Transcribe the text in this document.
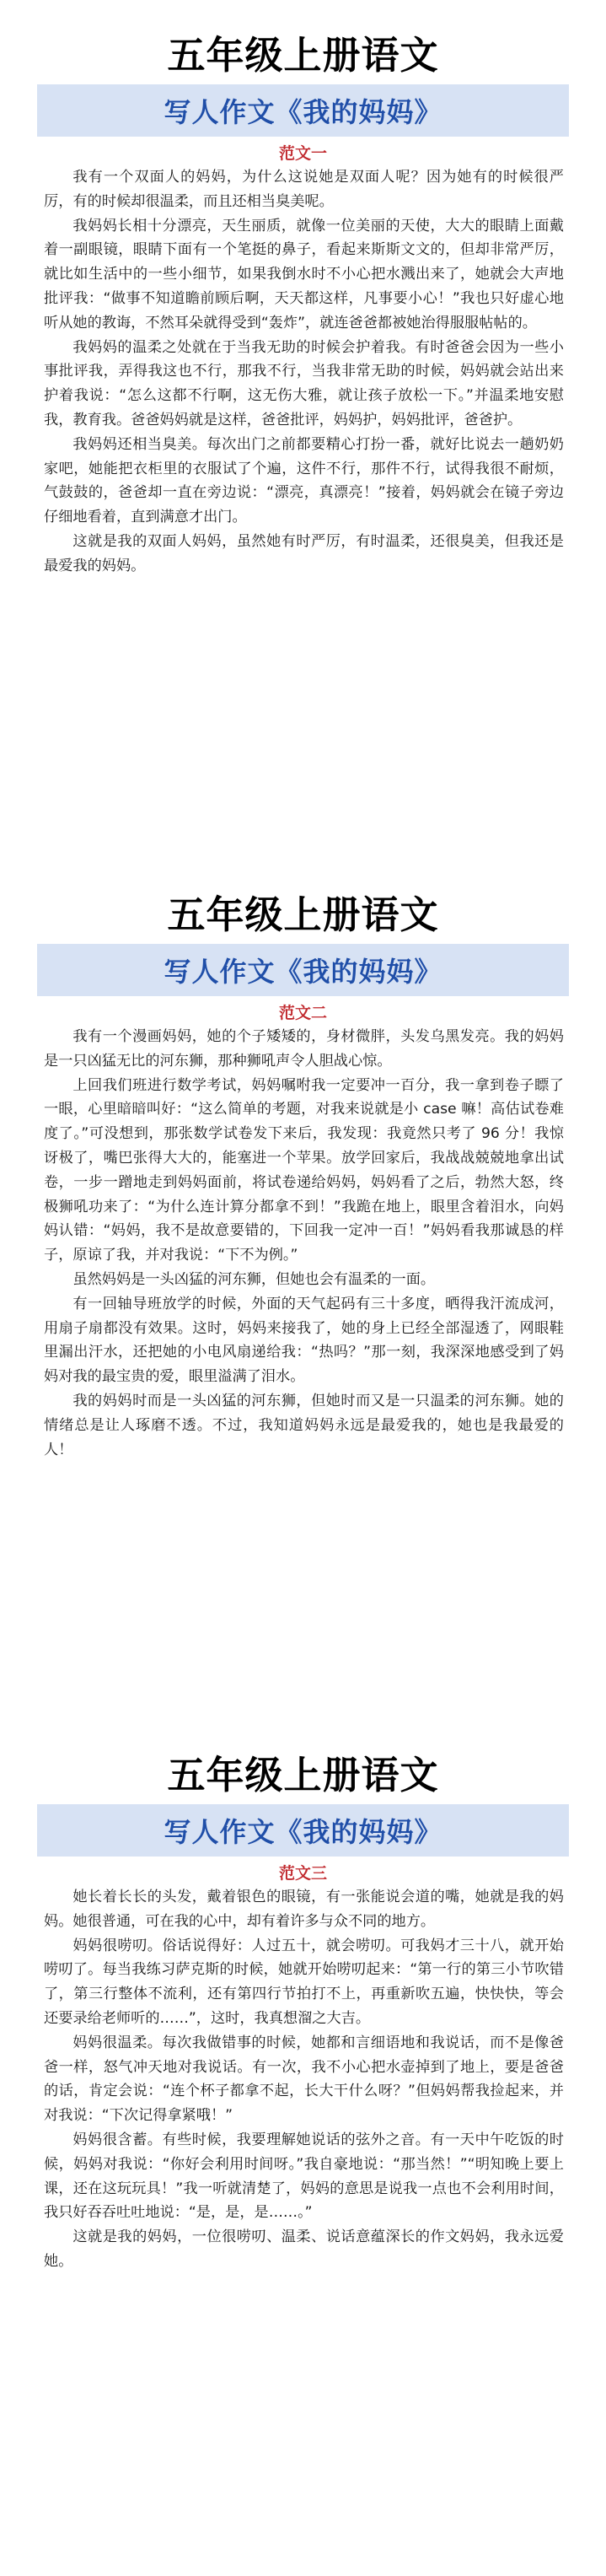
五年级上册语文
写人作文《我的妈妈》
范文一

我有一个双面人的妈妈，为什么这说她是双面人呢？因为她有的时候很严厉，有的时候却很温柔，而且还相当臭美呢。

我妈妈长相十分漂亮，天生丽质，就像一位美丽的天使，大大的眼睛上面戴着一副眼镜，眼睛下面有一个笔挺的鼻子，看起来斯斯文文的，但却非常严厉，就比如生活中的一些小细节，如果我倒水时不小心把水溅出来了，她就会大声地批评我：“做事不知道瞻前顾后啊，天天都这样，凡事要小心！”我也只好虚心地听从她的教诲，不然耳朵就得受到“轰炸”，就连爸爸都被她治得服服帖帖的。

我妈妈的温柔之处就在于当我无助的时候会护着我。有时爸爸会因为一些小事批评我，弄得我这也不行，那我不行，当我非常无助的时候，妈妈就会站出来护着我说：“怎么这都不行啊，这无伤大雅，就让孩子放松一下。”并温柔地安慰我，教育我。爸爸妈妈就是这样，爸爸批评，妈妈护，妈妈批评，爸爸护。

我妈妈还相当臭美。每次出门之前都要精心打扮一番，就好比说去一趟奶奶家吧，她能把衣柜里的衣服试了个遍，这件不行，那件不行，试得我很不耐烦，气鼓鼓的，爸爸却一直在旁边说：“漂亮，真漂亮！”接着，妈妈就会在镜子旁边仔细地看着，直到满意才出门。

这就是我的双面人妈妈，虽然她有时严厉，有时温柔，还很臭美，但我还是最爱我的妈妈。

五年级上册语文
写人作文《我的妈妈》
范文二

我有一个漫画妈妈，她的个子矮矮的，身材微胖，头发乌黑发亮。我的妈妈是一只凶猛无比的河东狮，那种狮吼声令人胆战心惊。

上回我们班进行数学考试，妈妈嘱咐我一定要冲一百分，我一拿到卷子瞟了一眼，心里暗暗叫好：“这么简单的考题，对我来说就是小 case 嘛！高估试卷难度了。”可没想到，那张数学试卷发下来后，我发现：我竟然只考了 96 分！我惊讶极了，嘴巴张得大大的，能塞进一个苹果。放学回家后，我战战兢兢地拿出试卷，一步一蹭地走到妈妈面前，将试卷递给妈妈，妈妈看了之后，勃然大怒，终极狮吼功来了：“为什么连计算分都拿不到！”我跪在地上，眼里含着泪水，向妈妈认错：“妈妈，我不是故意要错的，下回我一定冲一百！”妈妈看我那诚恳的样子，原谅了我，并对我说：“下不为例。”

虽然妈妈是一头凶猛的河东狮，但她也会有温柔的一面。

有一回轴导班放学的时候，外面的天气起码有三十多度，晒得我汗流成河，用扇子扇都没有效果。这时，妈妈来接我了，她的身上已经全部湿透了，网眼鞋里漏出汗水，还把她的小电风扇递给我：“热吗？”那一刻，我深深地感受到了妈妈对我的最宝贵的爱，眼里溢满了泪水。

我的妈妈时而是一头凶猛的河东狮，但她时而又是一只温柔的河东狮。她的情绪总是让人琢磨不透。不过，我知道妈妈永远是最爱我的，她也是我最爱的人！

五年级上册语文
写人作文《我的妈妈》
范文三

她长着长长的头发，戴着银色的眼镜，有一张能说会道的嘴，她就是我的妈妈。她很普通，可在我的心中，却有着许多与众不同的地方。

妈妈很唠叨。俗话说得好：人过五十，就会唠叨。可我妈才三十八，就开始唠叨了。每当我练习萨克斯的时候，她就开始唠叨起来：“第一行的第三小节吹错了，第三行整体不流利，还有第四行节拍打不上，再重新吹五遍，快快快，等会还要录给老师听的……”，这时，我真想溜之大吉。

妈妈很温柔。每次我做错事的时候，她都和言细语地和我说话，而不是像爸爸一样，怒气冲天地对我说话。有一次，我不小心把水壶掉到了地上，要是爸爸的话，肯定会说：“连个杯子都拿不起，长大干什么呀？”但妈妈帮我捡起来，并对我说：“下次记得拿紧哦！”

妈妈很含蓄。有些时候，我要理解她说话的弦外之音。有一天中午吃饭的时候，妈妈对我说：“你好会利用时间呀。”我自豪地说：“那当然！”“明知晚上要上课，还在这玩玩具！”我一听就清楚了，妈妈的意思是说我一点也不会利用时间，我只好吞吞吐吐地说：“是，是，是……。”

这就是我的妈妈，一位很唠叨、温柔、说话意蕴深长的作文妈妈，我永远爱她。
